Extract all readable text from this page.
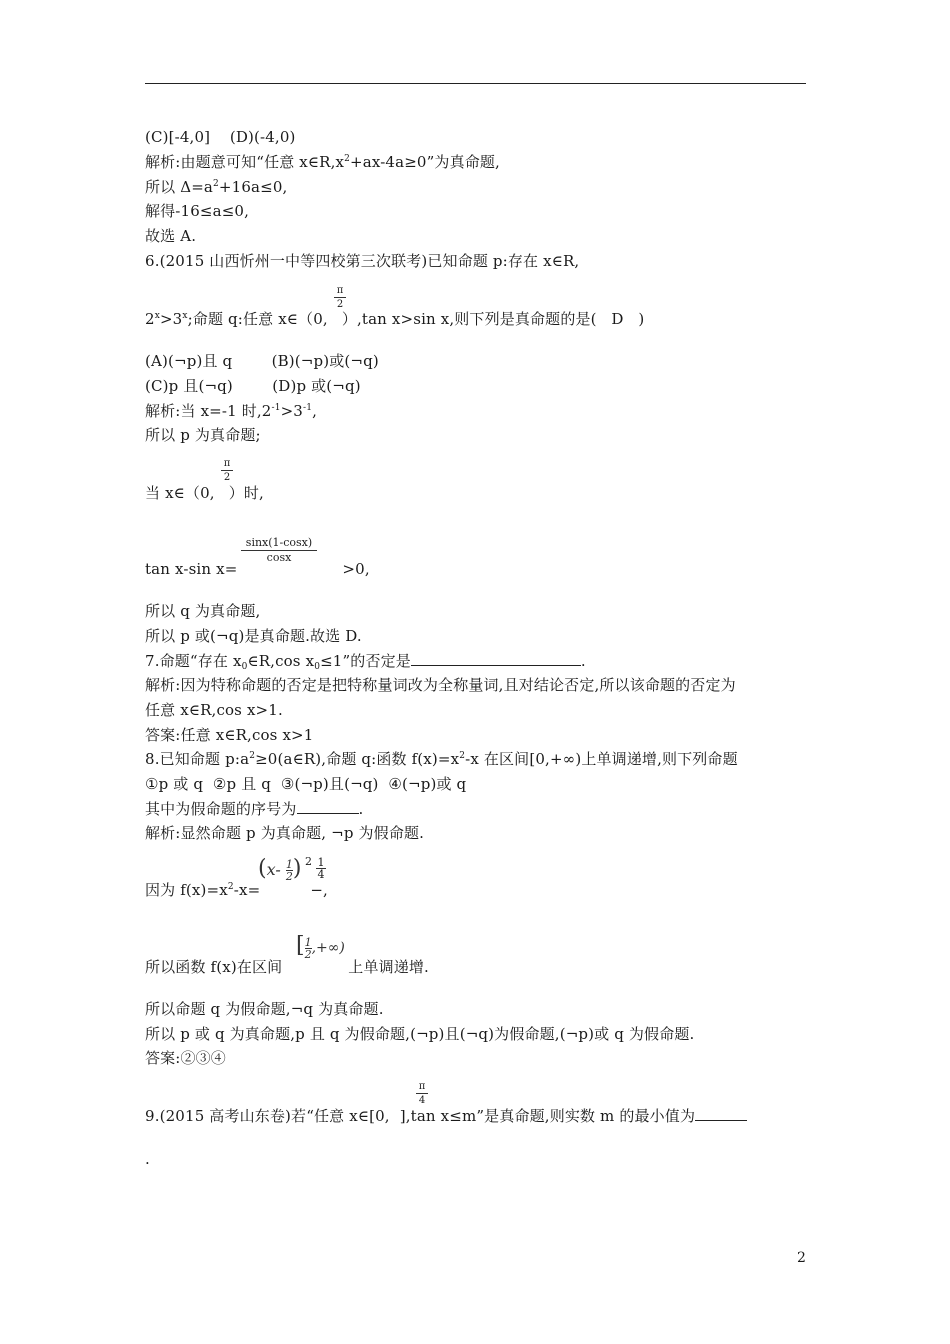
(C)[-4,0]    (D)(-4,0)
解析:由题意可知“任意 $x\in R,x^2+ax-4a\ge 0$”为真命题,
所以 $\Delta=a^2+16a\le 0$,
解得-16≤a≤0,
故选 A.
6.(2015 山西忻州一中等四校第三次联考)已知命题 p:存在 x∈R,
π
2
$2^x>3^x$;命题 q:任意 x∈（0, ）,tan x>sin x,则下列是真命题的是(   D   )
(A)(¬p)且 q        (B)(¬p)或(¬q)
(C)p 且(¬q)        (D)p 或(¬q)
解析:当 x=-1 时$,2^{-1}>3^{-1}$,
所以 p 为真命题;
π
2
当 x∈（0, ）时,
sinx(1-cosx)
cosx
tan x-sin x=	>0,
所以 q 为真命题,
所以 p 或(¬q)是真命题.故选 D.
7.命题“存在 $x_0\in R,\cos$ $x_0\le 1$”的否定是	.
解析:因为特称命题的否定是把特称量词改为全称量词,且对结论否定,所以该命题的否定为
任意 x∈R,cos x>1.
答案:任意 x∈R,cos x>1
8.已知命题 $p:a^2\ge 0(a\in R)$,命题 q:函数 $f(x)=x^2-x$ 在区间[0,+∞)上单调递增,则下列命题
①p 或 q  ②p 且 q  ③(¬p)且(¬q)  ④(¬p)或 q
其中为假命题的序号为	.
解析:显然命题 p 为真命题, ¬p 为假命题.
$(x- \frac{1}{2})$ 2 1
4
因为 $f(x)=x^2-x=$	−,
$[\frac{1}{2},+\infty)$
所以函数 f(x)在区间	上单调递增.
所以命题 q 为假命题,¬q 为真命题.
所以 p 或 q 为真命题,p 且 q 为假命题,(¬p)且(¬q)为假命题,(¬p)或 q 为假命题.
答案:②③④
π
4
9.(2015 高考山东卷)若“任意 x∈[0, ],tan x≤m”是真命题,则实数 m 的最小值为
.
2
